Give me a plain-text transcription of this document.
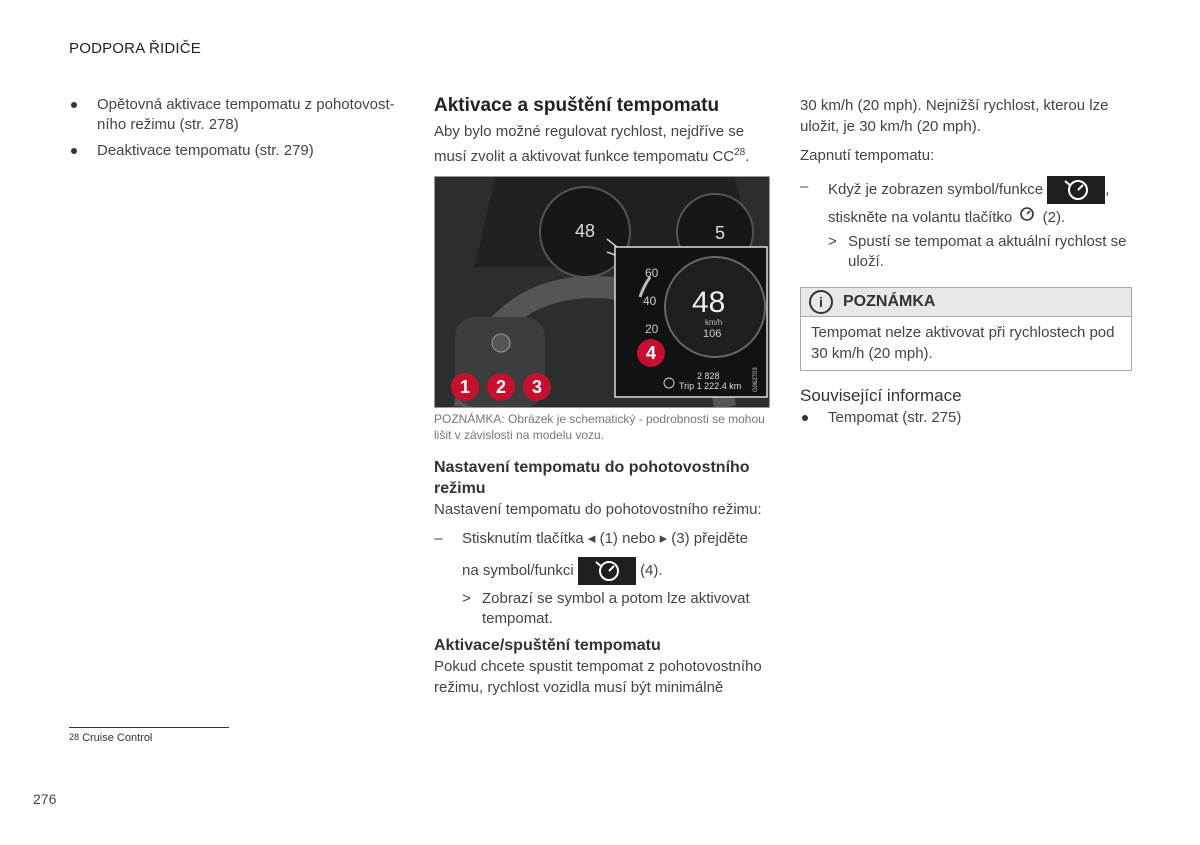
PODPORA ŘIDIČE
Opětovná aktivace tempomatu z pohotovost-ního režimu (str. 278)
Deaktivace tempomatu (str. 279)
Aktivace a spuštění tempomatu

Aby bylo možné regulovat rychlost, nejdříve se musí zvolit a aktivovat funkce tempomatu CC$^{28}$.

48	5
60
40
20
48
km/h
106
2 828
Trip 1 222.4 km G062703
1	2	3
4
POZNÁMKA: Obrázek je schematický - podrobnosti se mohou lišit v závislosti na modelu vozu.
Nastavení tempomatu do pohotovostního režimu

Nastavení tempomatu do pohotovostního režimu:

– Stisknutím tlačítka ◂ (1) nebo ▸ (3) přejděte
na symbol/funkci	(4).
> Zobrazí se symbol a potom lze aktivovat tempomat.
Aktivace/spuštění tempomatu

Pokud chcete spustit tempomat z pohotovostního režimu, rychlost vozidla musí být minimálně

30 km/h (20 mph). Nejnižší rychlost, kterou lze uložit, je 30 km/h (20 mph).

Zapnutí tempomatu:

– Když je zobrazen symbol/funkce	,
stiskněte na volantu tlačítko (2).
> Spustí se tempomat a aktuální rychlost se uloží.
i	POZNÁMKA
Tempomat nelze aktivovat při rychlostech pod 30 km/h (20 mph).
Související informace
Tempomat (str. 275)
$^{28}$ Cruise Control
276
